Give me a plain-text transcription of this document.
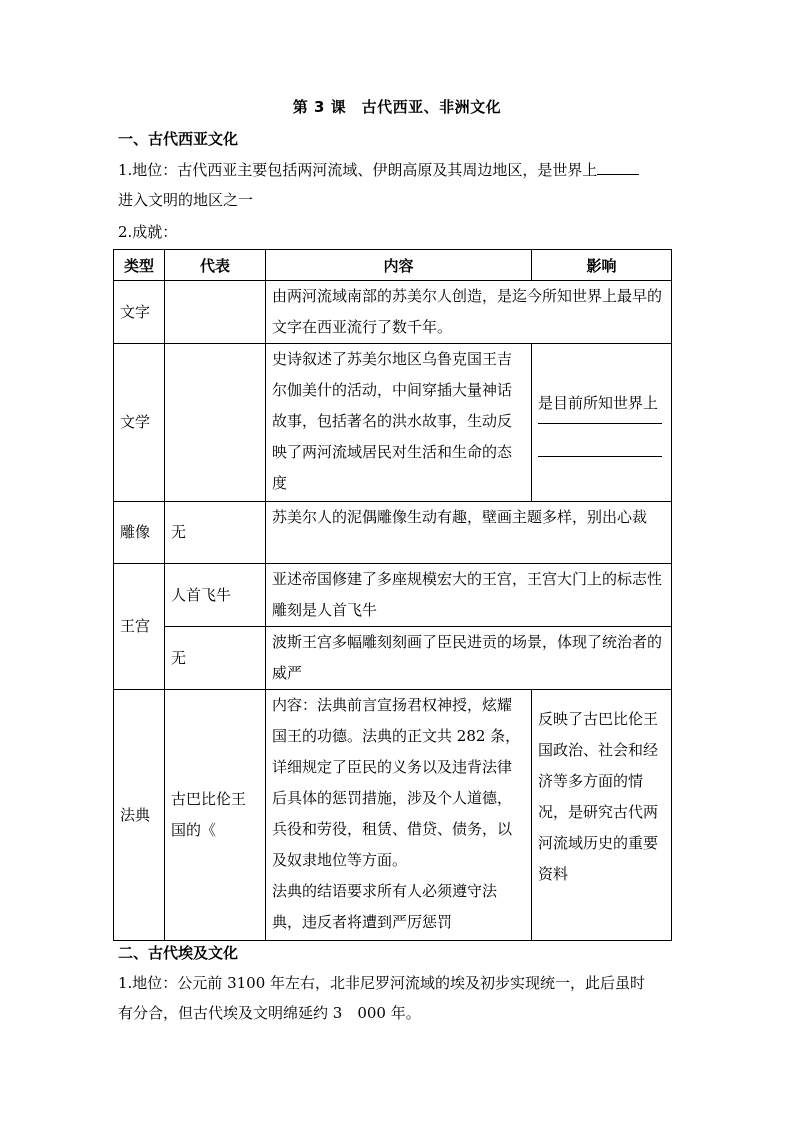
第 3 课　古代西亚、非洲文化
一、古代西亚文化
1.地位：古代西亚主要包括两河流域、伊朗高原及其周边地区，是世界上
进入文明的地区之一
2.成就：
类型	代表	内容	影响
文字		由两河流域南部的苏美尔人创造，是迄今所知世界上最早的文字在西亚流行了数千年。	
文学		史诗叙述了苏美尔地区乌鲁克国王吉尔伽美什的活动，中间穿插大量神话故事，包括著名的洪水故事，生动反映了两河流域居民对生活和生命的态度	是目前所知世界上

雕像	无	苏美尔人的泥偶雕像生动有趣，壁画主题多样，别出心裁	
王宫	人首飞牛	亚述帝国修建了多座规模宏大的王宫，王宫大门上的标志性雕刻是人首飞牛	
	无	波斯王宫多幅雕刻刻画了臣民进贡的场景，体现了统治者的威严	
法典	古巴比伦王国的《	内容：法典前言宣扬君权神授，炫耀国王的功德。法典的正文共 282 条，详细规定了臣民的义务以及违背法律后具体的惩罚措施，涉及个人道德，兵役和劳役，租赁、借贷、债务，以及奴隶地位等方面。
法典的结语要求所有人必须遵守法典，违反者将遭到严厉惩罚	反映了古巴比伦王国政治、社会和经济等多方面的情况，是研究古代两河流域历史的重要资料
二、古代埃及文化
1.地位：公元前 3100 年左右，北非尼罗河流域的埃及初步实现统一，此后虽时
有分合，但古代埃及文明绵延约 3　000 年。
